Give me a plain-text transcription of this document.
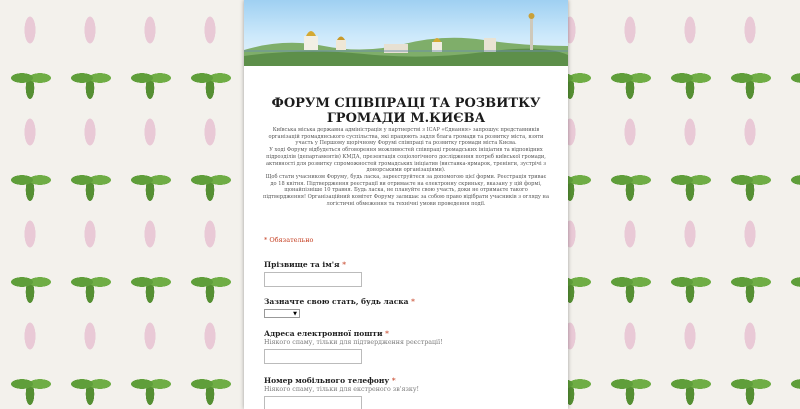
ФОРУМ СПІВПРАЦІ ТА РОЗВИТКУ ГРОМАДИ М.КИЄВА

Київська міська державна адміністрація у партнерстві з ІСАР «Єднання» запрошує представників організацій громадянського суспільства, які працюють задля блага громади та розвитку міста, взяти участь у Першому щорічному Форумі співпраці та розвитку громади міста Києва.

У ході Форуму відбудеться обговорення можливостей співпраці громадських ініціатив та відповідних підрозділів (департаментів) КМДА, презентація соціологічного дослідження потреб київської громади, активності для розвитку спроможностей громадських ініціатив (виставка-ярмарок, тренінги, зустрічі з донорськими організаціями).

Щоб стати учасником Форуму, будь ласка, зареєструйтеся за допомогою цієї форми. Реєстрація триває до 18 квітня. Підтвердження реєстрації ви отримаєте на електронну скриньку, вказану у цій формі, щонайпізніше 10 травня. Будь ласка, не плануйте свою участь, доки не отримаєте такого підтвердження! Організаційний комітет Форуму залишає за собою право відібрати учасників з огляду на логістичні обмеження та технічні умови проведення події.

* Обязательно
Прізвище та ім'я *
Зазначте свою стать, будь ласка *
▼
Адреса електронної пошти *
Ніякого спаму, тільки для підтвердження реєстрації!
Номер мобільного телефону *
Ніякого спаму, тільки для екстреного зв'язку!
